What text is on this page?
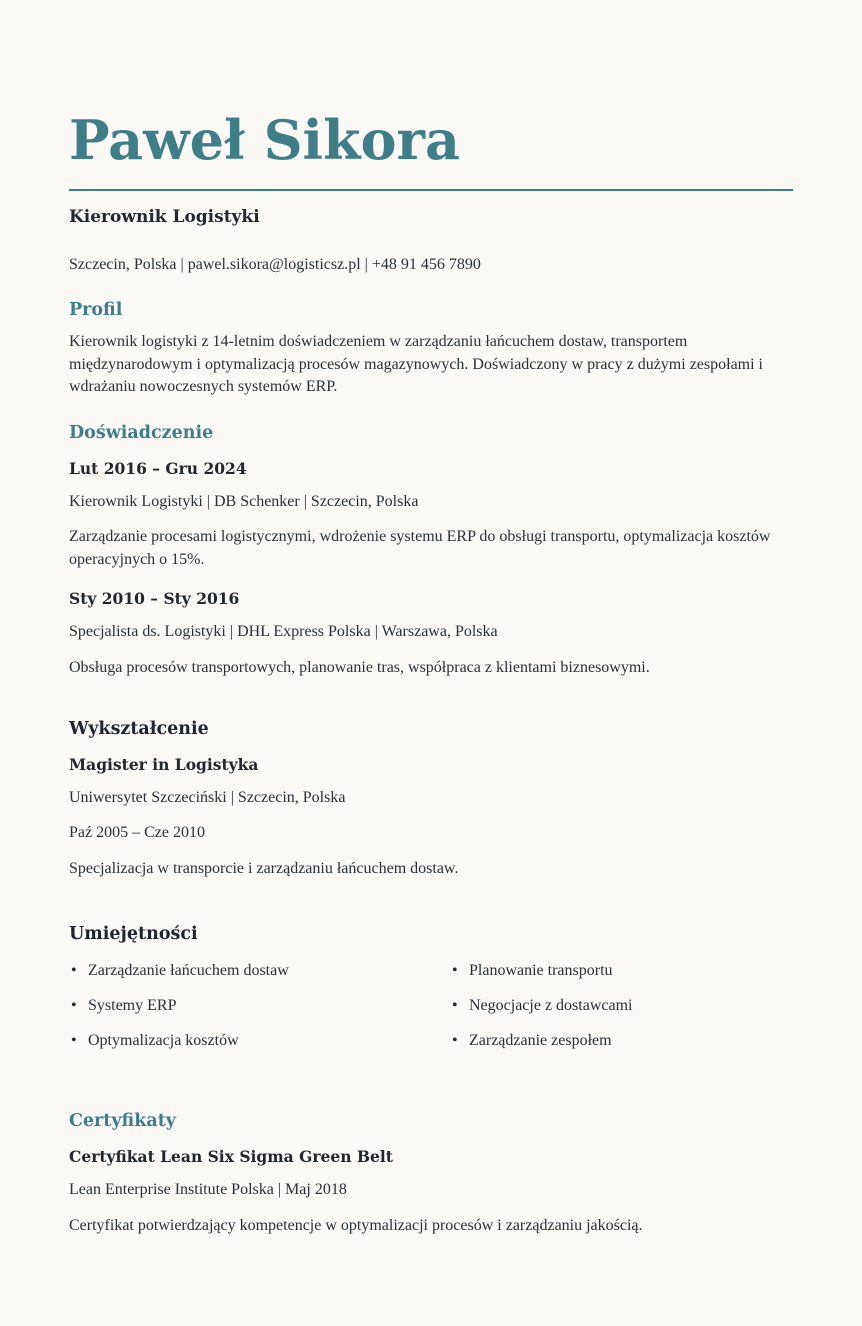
Paweł Sikora
Kierownik Logistyki
Szczecin, Polska | pawel.sikora@logisticsz.pl | +48 91 456 7890
Profil

Kierownik logistyki z 14-letnim doświadczeniem w zarządzaniu łańcuchem dostaw, transportem międzynarodowym i optymalizacją procesów magazynowych. Doświadczony w pracy z dużymi zespołami i wdrażaniu nowoczesnych systemów ERP.

Doświadczenie
Lut 2016 – Gru 2024
Kierownik Logistyki | DB Schenker | Szczecin, Polska

Zarządzanie procesami logistycznymi, wdrożenie systemu ERP do obsługi transportu, optymalizacja kosztów operacyjnych o 15%.

Sty 2010 – Sty 2016
Specjalista ds. Logistyki | DHL Express Polska | Warszawa, Polska

Obsługa procesów transportowych, planowanie tras, współpraca z klientami biznesowymi.

Wykształcenie
Magister in Logistyka
Uniwersytet Szczeciński | Szczecin, Polska
Paź 2005 – Cze 2010

Specjalizacja w transporcie i zarządzaniu łańcuchem dostaw.

Umiejętności
•
Zarządzanie łańcuchem dostaw
•
Systemy ERP
•
Optymalizacja kosztów
•
Planowanie transportu
•
Negocjacje z dostawcami
•
Zarządzanie zespołem
Certyfikaty
Certyfikat Lean Six Sigma Green Belt
Lean Enterprise Institute Polska | Maj 2018

Certyfikat potwierdzający kompetencje w optymalizacji procesów i zarządzaniu jakością.
